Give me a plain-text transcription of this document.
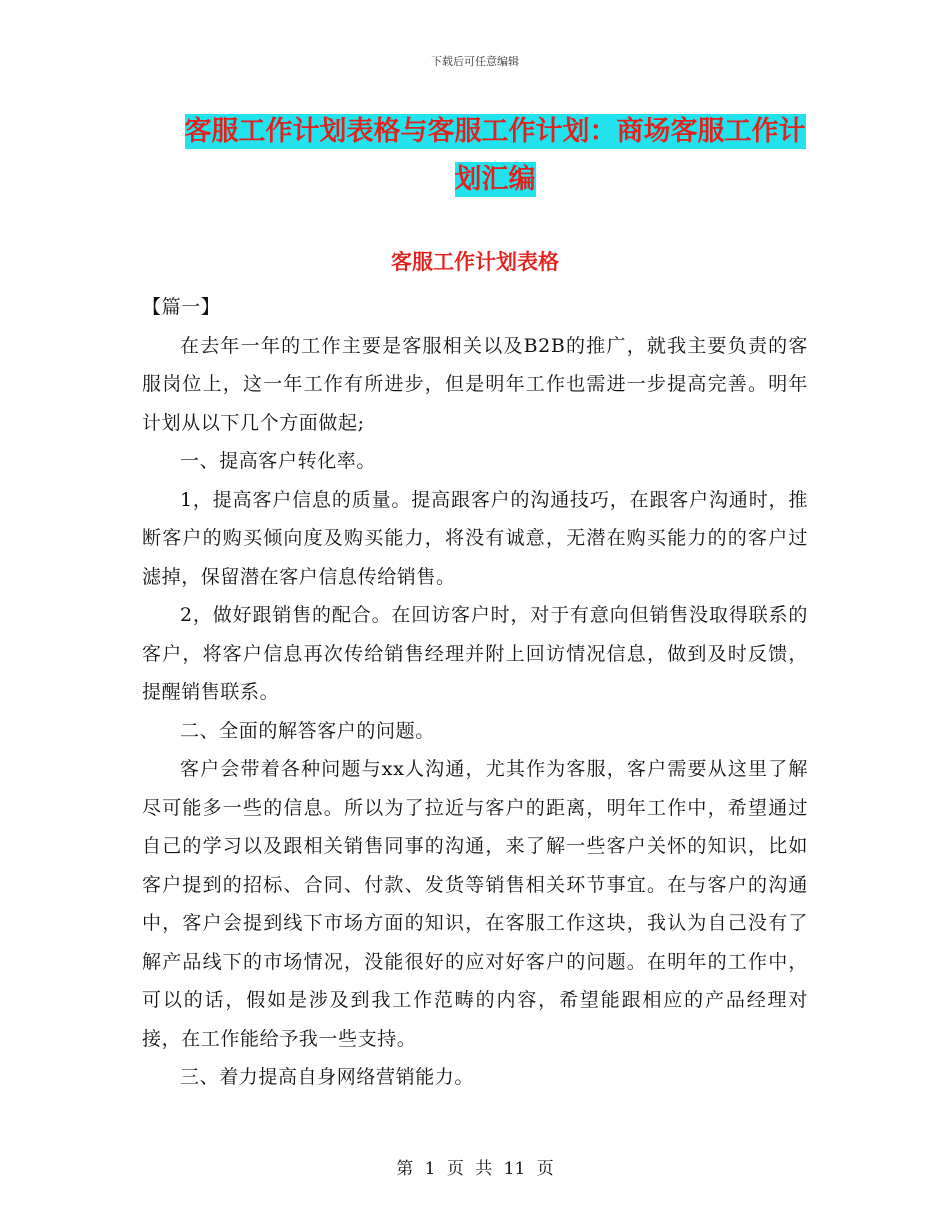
下载后可任意编辑
客服工作计划表格与客服工作计划：商场客服工作计
划汇编
客服工作计划表格

【篇一】

在去年一年的工作主要是客服相关以及B2B的推广，就我主要负责的客服岗位上，这一年工作有所进步，但是明年工作也需进一步提高完善。明年计划从以下几个方面做起;

一、提高客户转化率。

1，提高客户信息的质量。提高跟客户的沟通技巧，在跟客户沟通时，推断客户的购买倾向度及购买能力，将没有诚意，无潜在购买能力的的客户过滤掉，保留潜在客户信息传给销售。

2，做好跟销售的配合。在回访客户时，对于有意向但销售没取得联系的客户，将客户信息再次传给销售经理并附上回访情况信息，做到及时反馈，提醒销售联系。

二、全面的解答客户的问题。

客户会带着各种问题与xx人沟通，尤其作为客服，客户需要从这里了解尽可能多一些的信息。所以为了拉近与客户的距离，明年工作中，希望通过自己的学习以及跟相关销售同事的沟通，来了解一些客户关怀的知识，比如客户提到的招标、合同、付款、发货等销售相关环节事宜。在与客户的沟通中，客户会提到线下市场方面的知识，在客服工作这块，我认为自己没有了解产品线下的市场情况，没能很好的应对好客户的问题。在明年的工作中，可以的话，假如是涉及到我工作范畴的内容，希望能跟相应的产品经理对接，在工作能给予我一些支持。

三、着力提高自身网络营销能力。

第 1 页 共 11 页
